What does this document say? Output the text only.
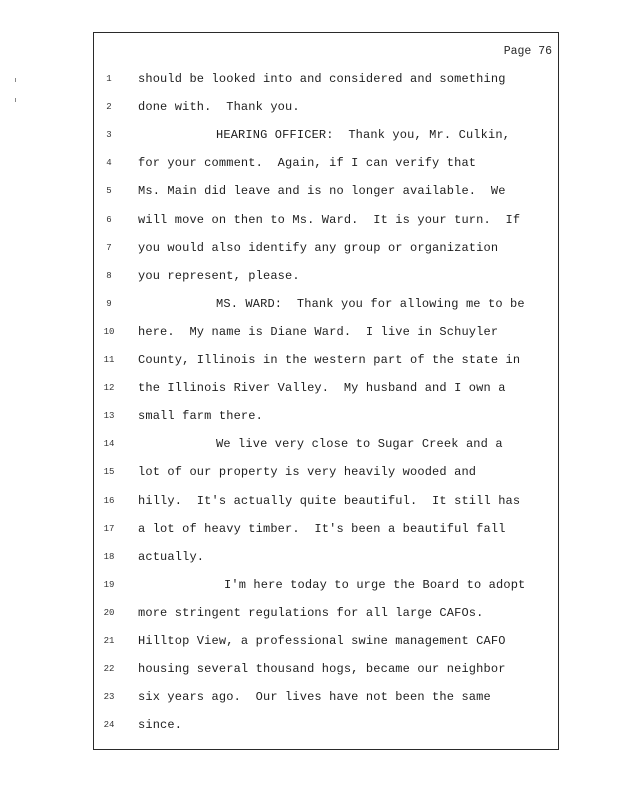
Page 76
1	should be looked into and considered and something
2	done with.  Thank you.
3	HEARING OFFICER:  Thank you, Mr. Culkin,
4	for your comment.  Again, if I can verify that
5	Ms. Main did leave and is no longer available.  We
6	will move on then to Ms. Ward.  It is your turn.  If
7	you would also identify any group or organization
8	you represent, please.
9	MS. WARD:  Thank you for allowing me to be
10	here.  My name is Diane Ward.  I live in Schuyler
11	County, Illinois in the western part of the state in
12	the Illinois River Valley.  My husband and I own a
13	small farm there.
14	We live very close to Sugar Creek and a
15	lot of our property is very heavily wooded and
16	hilly.  It's actually quite beautiful.  It still has
17	a lot of heavy timber.  It's been a beautiful fall
18	actually.
19	I'm here today to urge the Board to adopt
20	more stringent regulations for all large CAFOs.
21	Hilltop View, a professional swine management CAFO
22	housing several thousand hogs, became our neighbor
23	six years ago.  Our lives have not been the same
24	since.
